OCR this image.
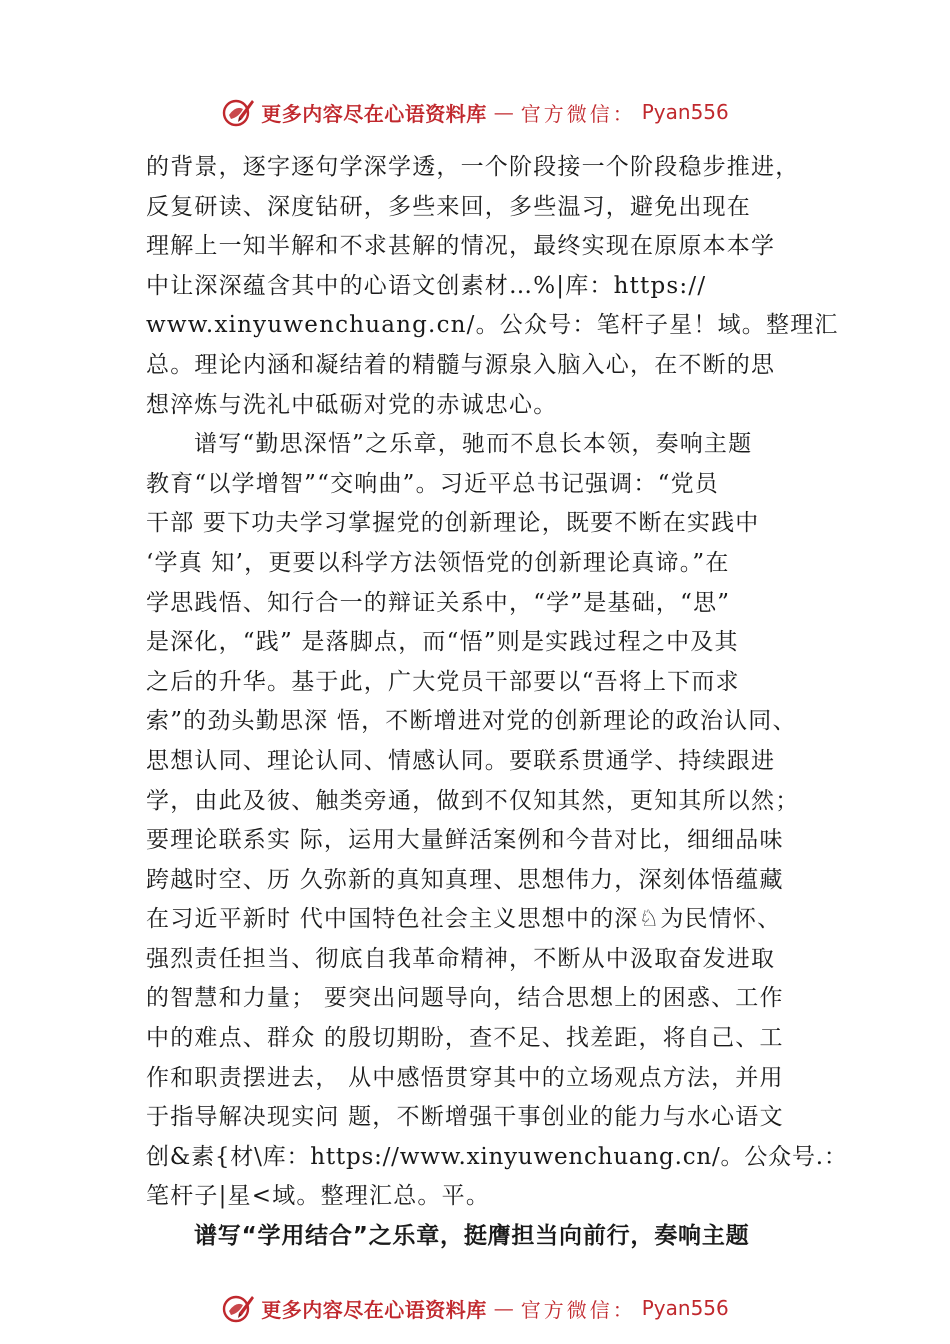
更多内容尽在心语资料库 — 官方微信： Pyan556
的背景，逐字逐句学深学透，一个阶段接一个阶段稳步推进，
反复研读、深度钻研，多些来回，多些温习，避免出现在
理解上一知半解和不求甚解的情况，最终实现在原原本本学
中让深深蕴含其中的心语文创素材…%|库：https://
www.xinyuwenchuang.cn/。公众号：笔杆子星！域。整理汇
总。理论内涵和凝结着的精髓与源泉入脑入心，在不断的思
想淬炼与洗礼中砥砺对党的赤诚忠心。
谱写“勤思深悟”之乐章，驰而不息长本领，奏响主题
教育“以学增智”“交响曲”。习近平总书记强调：“党员
干部 要下功夫学习掌握党的创新理论，既要不断在实践中
‘学真 知’，更要以科学方法领悟党的创新理论真谛。”在
学思践悟、知行合一的辩证关系中，“学”是基础，“思”
是深化，“践” 是落脚点，而“悟”则是实践过程之中及其
之后的升华。基于此，广大党员干部要以“吾将上下而求
索”的劲头勤思深 悟，不断增进对党的创新理论的政治认同、
思想认同、理论认同、情感认同。要联系贯通学、持续跟进
学，由此及彼、触类旁通，做到不仅知其然，更知其所以然；
要理论联系实 际，运用大量鲜活案例和今昔对比，细细品味
跨越时空、历 久弥新的真知真理、思想伟力，深刻体悟蕴藏
在习近平新时 代中国特色社会主义思想中的深♘为民情怀、
强烈责任担当、彻底自我革命精神，不断从中汲取奋发进取
的智慧和力量； 要突出问题导向，结合思想上的困惑、工作
中的难点、群众 的殷切期盼，查不足、找差距，将自己、工
作和职责摆进去， 从中感悟贯穿其中的立场观点方法，并用
于指导解决现实问 题，不断增强干事创业的能力与水心语文
创&素{材\库：https://www.xinyuwenchuang.cn/。公众号.：
笔杆子|星<域。整理汇总。平。
谱写“学用结合”之乐章，挺膺担当向前行，奏响主题
更多内容尽在心语资料库 — 官方微信： Pyan556
